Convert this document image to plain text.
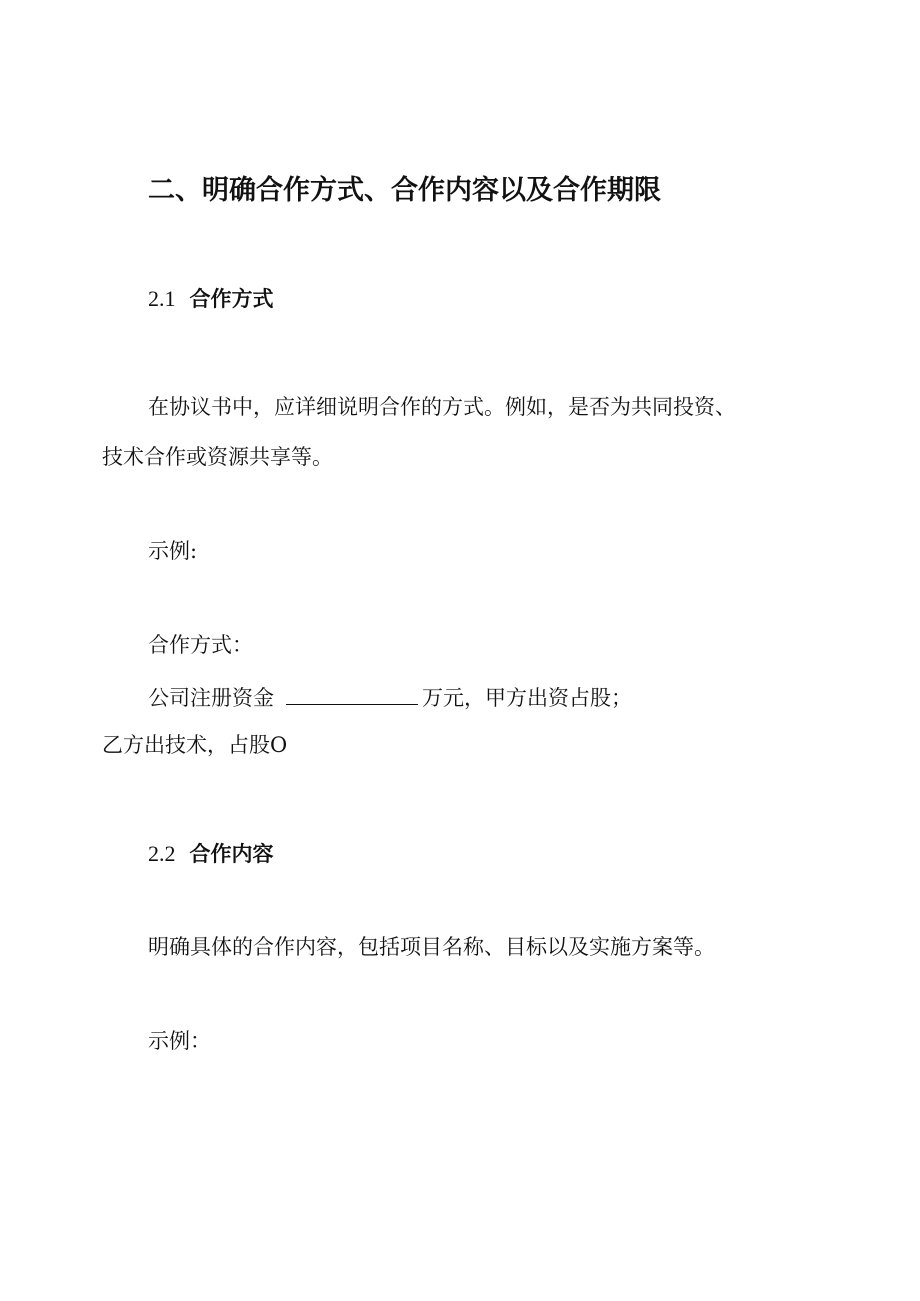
二、明确合作方式、合作内容以及合作期限
2.1 合作方式
在协议书中，应详细说明合作的方式。例如，是否为共同投资、
技术合作或资源共享等。
示例:
合作方式：
公司注册资金	万元，甲方出资占股；
乙方出技术，占股O
2.2 合作内容
明确具体的合作内容，包括项目名称、目标以及实施方案等。
示例：
